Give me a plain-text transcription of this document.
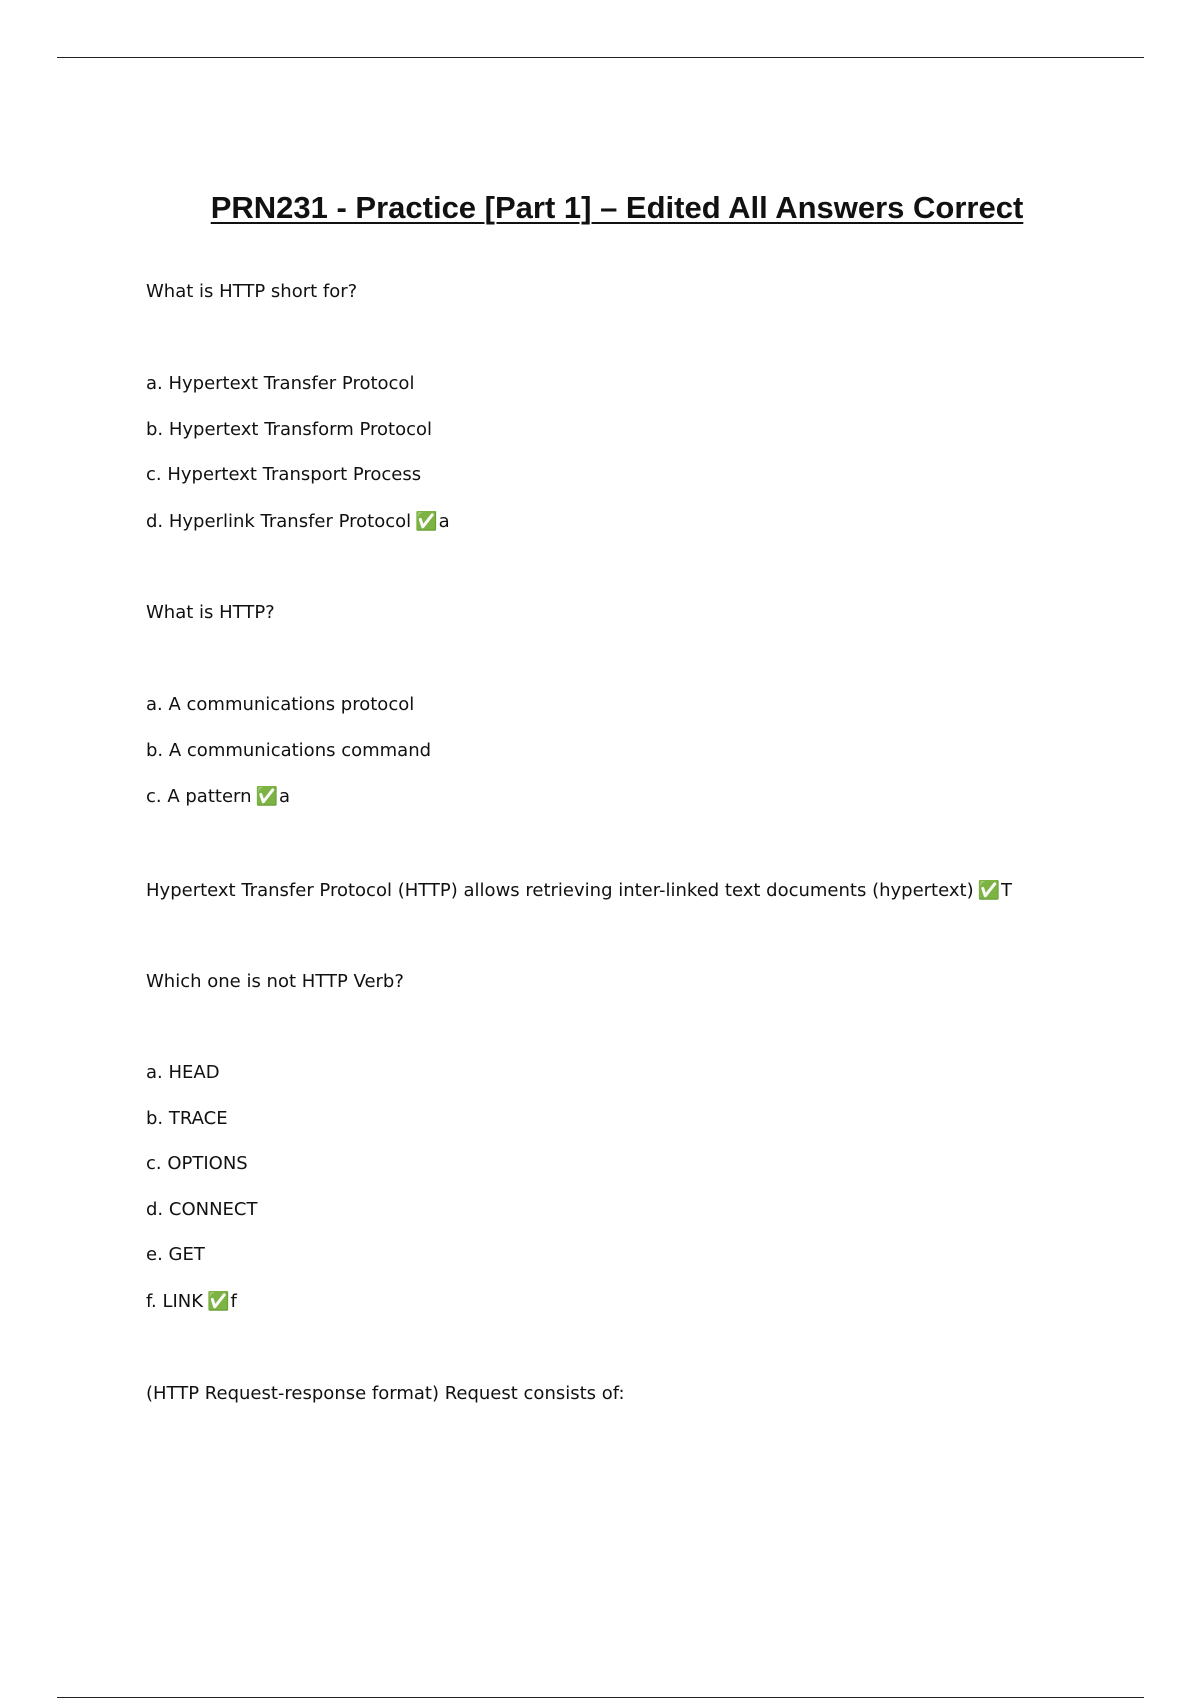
PRN231 - Practice [Part 1] – Edited All Answers Correct

What is HTTP short for?

a. Hypertext Transfer Protocol

b. Hypertext Transform Protocol

c. Hypertext Transport Process

d. Hyperlink Transfer Protocol ✅a

What is HTTP?

a. A communications protocol

b. A communications command

c. A pattern ✅a

Hypertext Transfer Protocol (HTTP) allows retrieving inter-linked text documents (hypertext) ✅T

Which one is not HTTP Verb?

a. HEAD

b. TRACE

c. OPTIONS

d. CONNECT

e. GET

f. LINK ✅f

(HTTP Request-response format) Request consists of:
